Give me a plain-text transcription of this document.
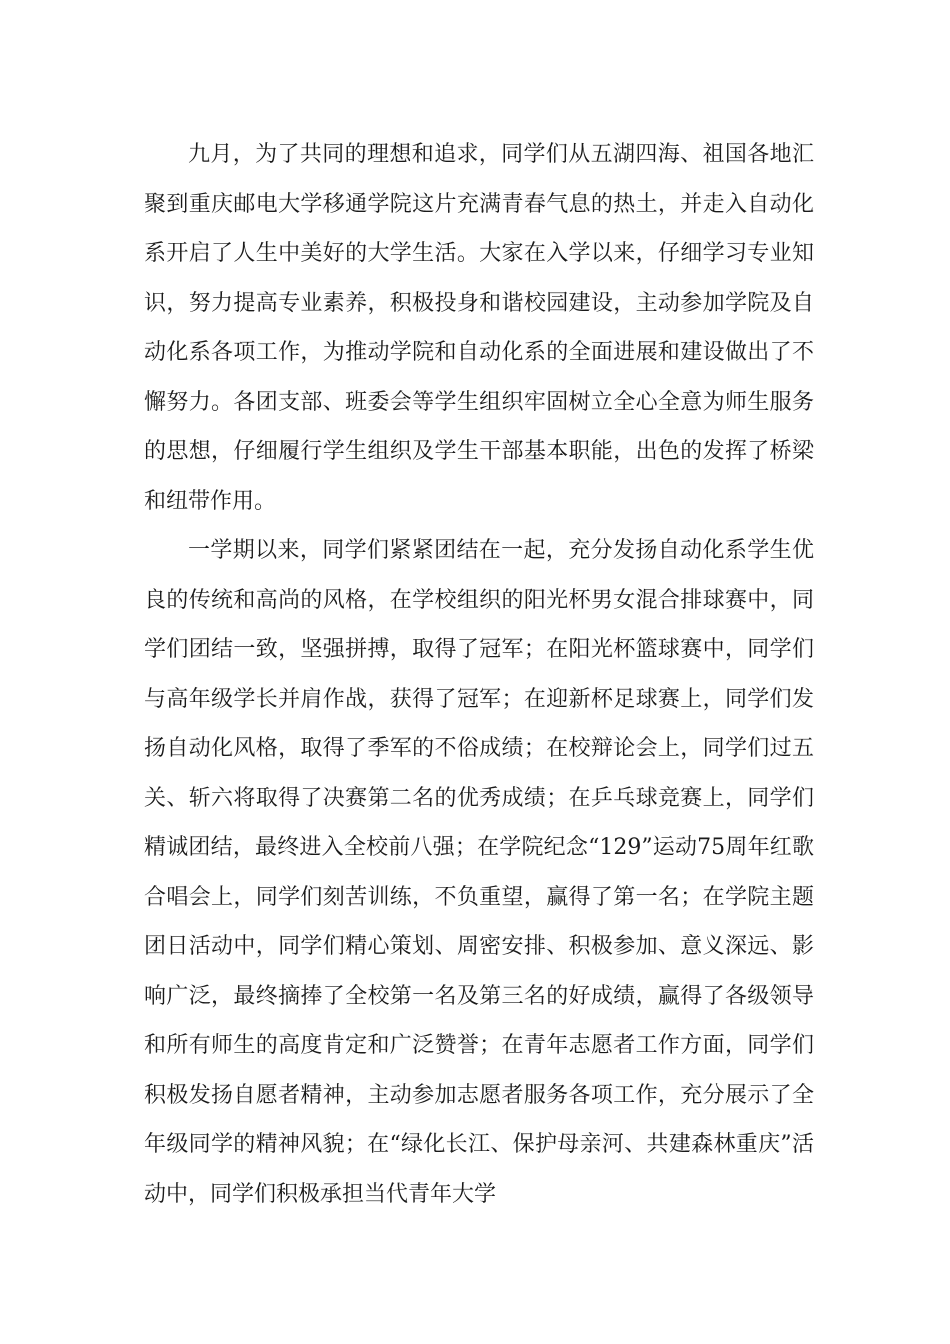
九月，为了共同的理想和追求，同学们从五湖四海、祖国各地汇聚到重庆邮电大学移通学院这片充满青春气息的热土，并走入自动化系开启了人生中美好的大学生活。大家在入学以来，仔细学习专业知识，努力提高专业素养，积极投身和谐校园建设，主动参加学院及自动化系各项工作，为推动学院和自动化系的全面进展和建设做出了不懈努力。各团支部、班委会等学生组织牢固树立全心全意为师生服务的思想，仔细履行学生组织及学生干部基本职能，出色的发挥了桥梁和纽带作用。

一学期以来，同学们紧紧团结在一起，充分发扬自动化系学生优良的传统和高尚的风格，在学校组织的阳光杯男女混合排球赛中，同学们团结一致，坚强拼搏，取得了冠军；在阳光杯篮球赛中，同学们与高年级学长并肩作战，获得了冠军；在迎新杯足球赛上，同学们发扬自动化风格，取得了季军的不俗成绩；在校辩论会上，同学们过五关、斩六将取得了决赛第二名的优秀成绩；在乒乓球竞赛上，同学们精诚团结，最终进入全校前八强；在学院纪念“129”运动75周年红歌合唱会上，同学们刻苦训练，不负重望，赢得了第一名；在学院主题团日活动中，同学们精心策划、周密安排、积极参加、意义深远、影响广泛，最终摘捧了全校第一名及第三名的好成绩，赢得了各级领导和所有师生的高度肯定和广泛赞誉；在青年志愿者工作方面，同学们积极发扬自愿者精神，主动参加志愿者服务各项工作，充分展示了全年级同学的精神风貌；在“绿化长江、保护母亲河、共建森林重庆”活动中，同学们积极承担当代青年大学
